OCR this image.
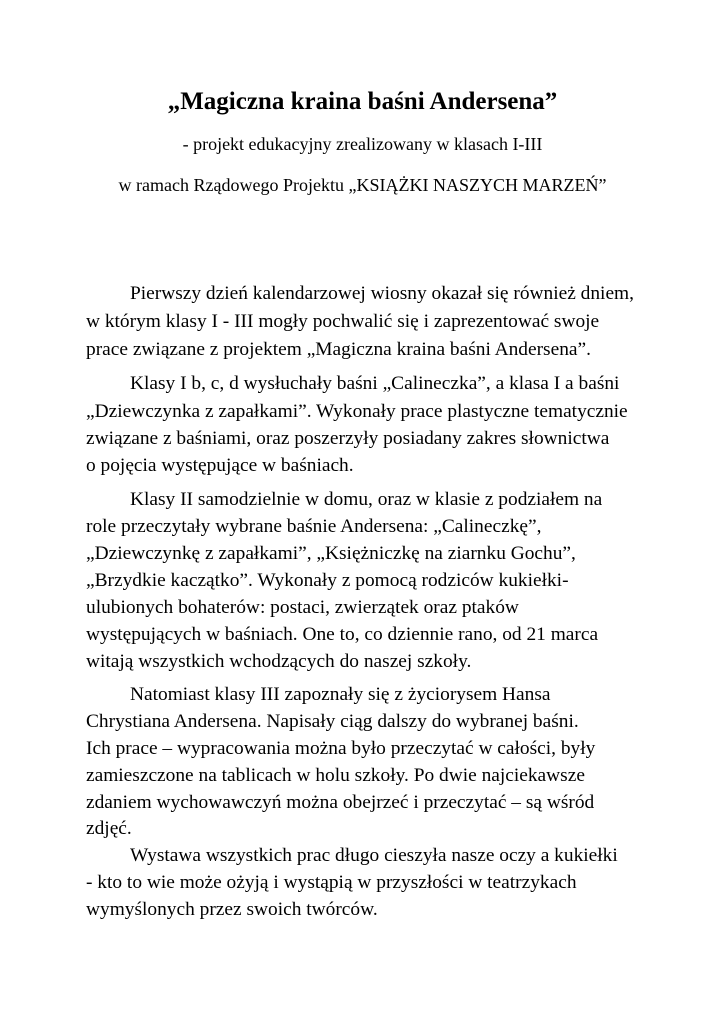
„Magiczna kraina baśni Andersena”

- projekt edukacyjny zrealizowany w klasach I-III

w ramach Rządowego Projektu „KSIĄŻKI NASZYCH MARZEŃ”

Pierwszy dzień kalendarzowej wiosny okazał się również dniem,

w którym klasy I - III mogły pochwalić się i zaprezentować swoje

prace związane z projektem „Magiczna kraina baśni Andersena”.

Klasy I b, c, d wysłuchały baśni „Calineczka”, a klasa I a baśni

„Dziewczynka z zapałkami”. Wykonały prace plastyczne tematycznie

związane z baśniami, oraz poszerzyły posiadany zakres słownictwa

o pojęcia występujące w baśniach.

Klasy II samodzielnie w domu, oraz w klasie z podziałem na

role przeczytały wybrane baśnie Andersena: „Calineczkę”,

„Dziewczynkę z zapałkami”, „Księżniczkę na ziarnku Gochu”,

„Brzydkie kaczątko”. Wykonały z pomocą rodziców kukiełki-

ulubionych bohaterów: postaci, zwierzątek oraz ptaków

występujących w baśniach. One to, co dziennie rano, od 21 marca

witają wszystkich wchodzących do naszej szkoły.

Natomiast klasy III zapoznały się z życiorysem Hansa

Chrystiana Andersena. Napisały ciąg dalszy do wybranej baśni.

Ich prace – wypracowania można było przeczytać w całości, były

zamieszczone na tablicach w holu szkoły. Po dwie najciekawsze

zdaniem wychowawczyń można obejrzeć i przeczytać – są wśród

zdjęć.

Wystawa wszystkich prac długo cieszyła nasze oczy a kukiełki

- kto to wie może ożyją i wystąpią w przyszłości w teatrzykach

wymyślonych przez swoich twórców.
